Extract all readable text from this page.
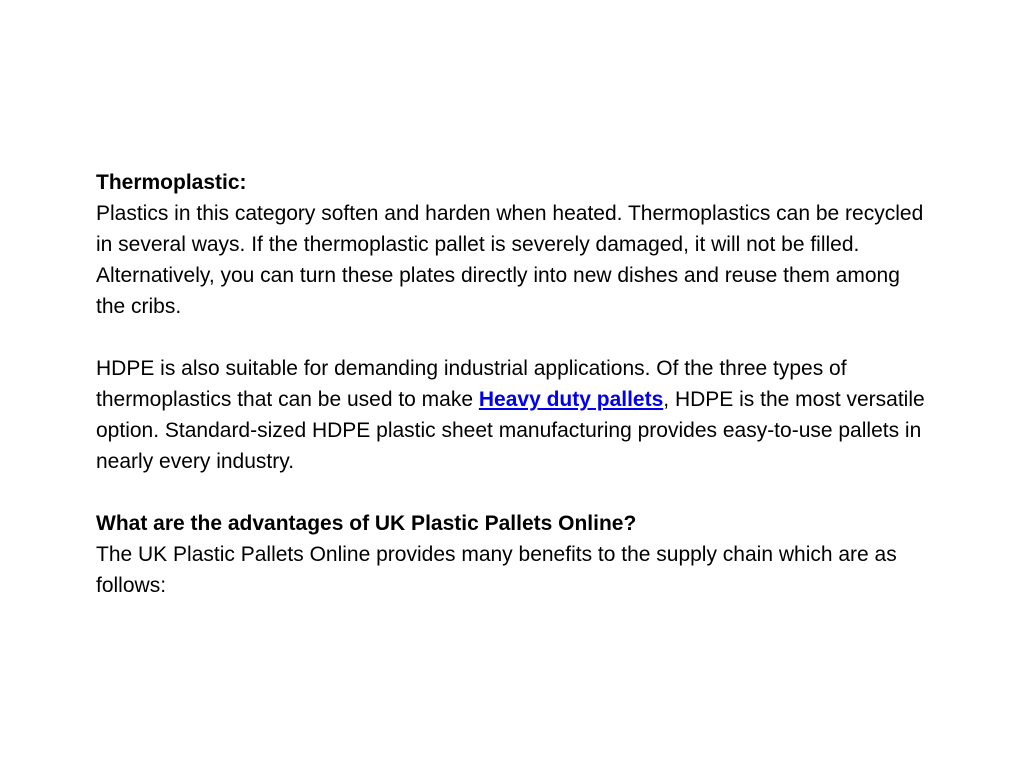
Thermoplastic:

Plastics in this category soften and harden when heated. Thermoplastics can be recycled in several ways. If the thermoplastic pallet is severely damaged, it will not be filled. Alternatively, you can turn these plates directly into new dishes and reuse them among the cribs.

HDPE is also suitable for demanding industrial applications. Of the three types of thermoplastics that can be used to make Heavy duty pallets, HDPE is the most versatile option. Standard-sized HDPE plastic sheet manufacturing provides easy-to-use pallets in nearly every industry.

What are the advantages of UK Plastic Pallets Online?

The UK Plastic Pallets Online provides many benefits to the supply chain which are as follows:
